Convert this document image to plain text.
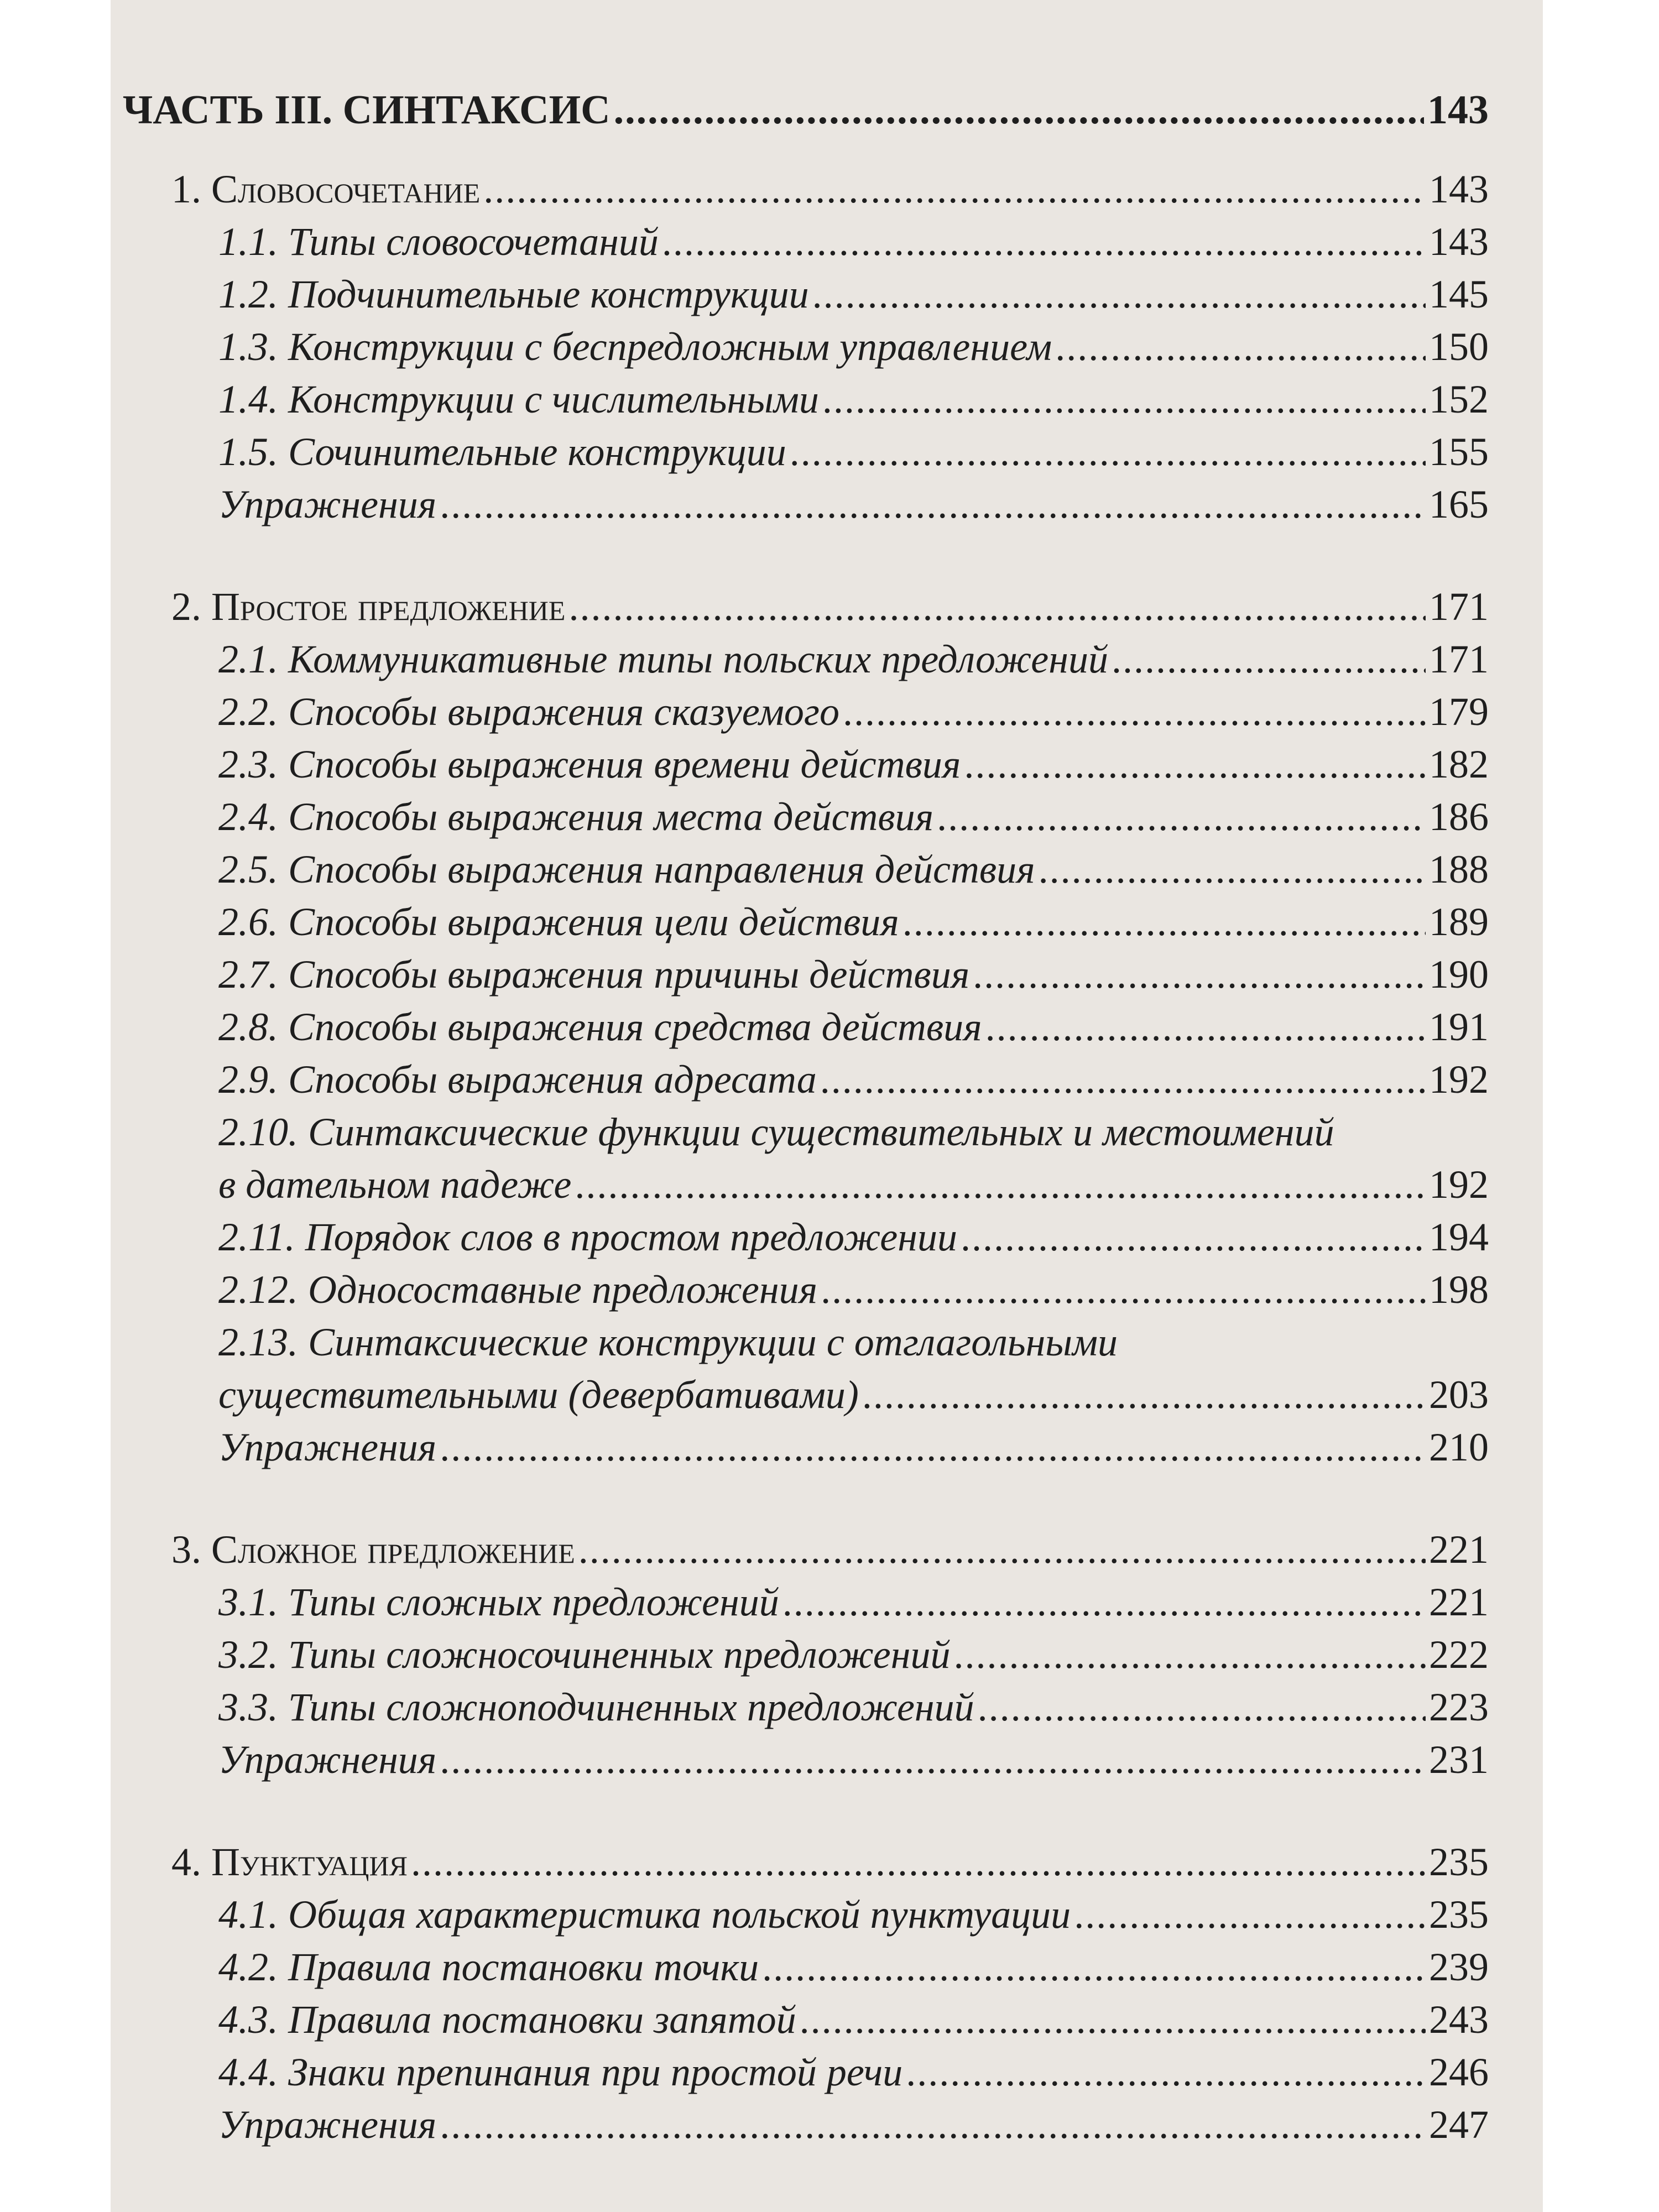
ЧАСТЬ III. СИНТАКСИС .....	143
1. Словосочетание .....	143
1.1. Типы словосочетаний .....	143
1.2. Подчинительные конструкции .....	145
1.3. Конструкции с беспредложным управлением .....	150
1.4. Конструкции с числительными .....	152
1.5. Сочинительные конструкции .....	155
Упражнения .....	165
2. Простое предложение .....	171
2.1. Коммуникативные типы польских предложений .....	171
2.2. Способы выражения сказуемого .....	179
2.3. Способы выражения времени действия .....	182
2.4. Способы выражения места действия .....	186
2.5. Способы выражения направления действия .....	188
2.6. Способы выражения цели действия .....	189
2.7. Способы выражения причины действия .....	190
2.8. Способы выражения средства действия .....	191
2.9. Способы выражения адресата .....	192
2.10. Синтаксические функции существительных и местоимений
в дательном падеже .....	192
2.11. Порядок слов в простом предложении .....	194
2.12. Односоставные предложения .....	198
2.13. Синтаксические конструкции с отглагольными
существительными (девербативами) .....	203
Упражнения .....	210
3. Сложное предложение .....	221
3.1. Типы сложных предложений .....	221
3.2. Типы сложносочиненных предложений .....	222
3.3. Типы сложноподчиненных предложений .....	223
Упражнения .....	231
4. Пунктуация .....	235
4.1. Общая характеристика польской пунктуации .....	235
4.2. Правила постановки точки .....	239
4.3. Правила постановки запятой .....	243
4.4. Знаки препинания при простой речи .....	246
Упражнения .....	247
